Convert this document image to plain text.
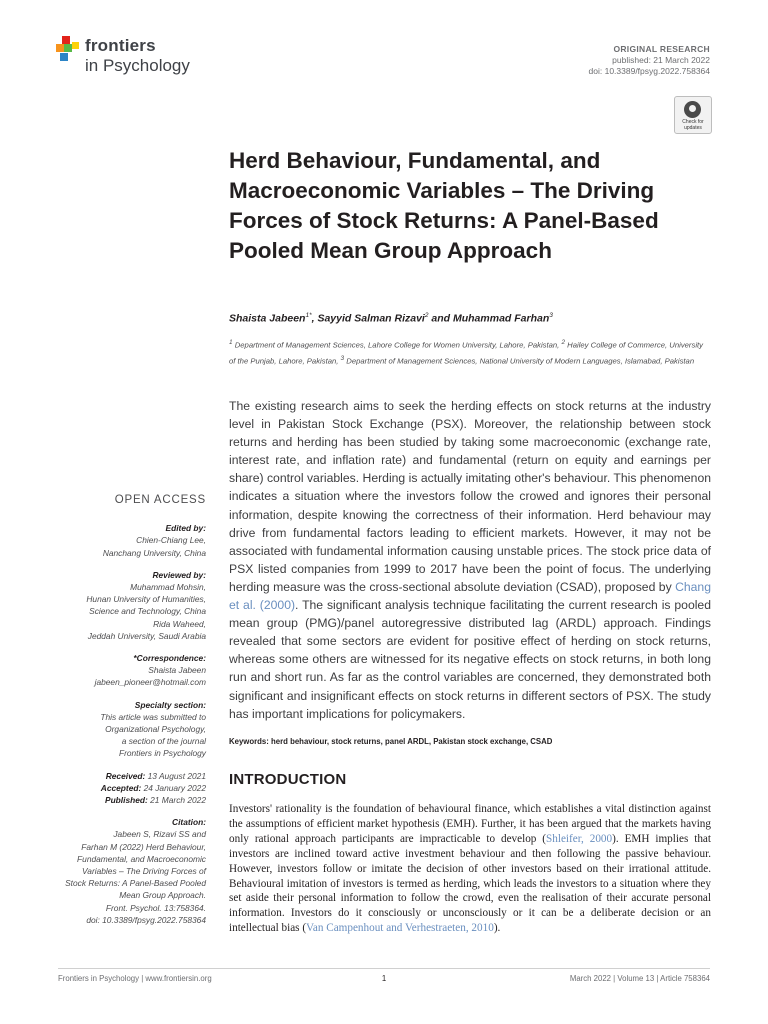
frontiers
in Psychology
ORIGINAL RESEARCH
published: 21 March 2022
doi: 10.3389/fpsyg.2022.758364
Check for updates
Herd Behaviour, Fundamental, and Macroeconomic Variables – The Driving Forces of Stock Returns: A Panel-Based Pooled Mean Group Approach
Shaista Jabeen$^{1*}$, Sayyid Salman Rizavi$^2$ and Muhammad Farhan$^3$
$^1$ Department of Management Sciences, Lahore College for Women University, Lahore, Pakistan, $^2$ Hailey College of Commerce, University of the Punjab, Lahore, Pakistan, $^3$ Department of Management Sciences, National University of Modern Languages, Islamabad, Pakistan
The existing research aims to seek the herding effects on stock returns at the industry level in Pakistan Stock Exchange (PSX). Moreover, the relationship between stock returns and herding has been studied by taking some macroeconomic (exchange rate, interest rate, and inflation rate) and fundamental (return on equity and earnings per share) control variables. Herding is actually imitating other's behaviour. This phenomenon indicates a situation where the investors follow the crowed and ignores their personal information, despite knowing the correctness of their information. Herd behaviour may drive from fundamental factors leading to efficient markets. However, it may not be associated with fundamental information causing unstable prices. The stock price data of PSX listed companies from 1999 to 2017 have been the point of focus. The underlying herding measure was the cross-sectional absolute deviation (CSAD), proposed by Chang et al. (2000). The significant analysis technique facilitating the current research is pooled mean group (PMG)/panel autoregressive distributed lag (ARDL) approach. Findings revealed that some sectors are evident for positive effect of herding on stock returns, whereas some others are witnessed for its negative effects on stock returns, in both long run and short run. As far as the control variables are concerned, they demonstrated both significant and insignificant effects on stock returns in different sectors of PSX. The study has important implications for policymakers.
Keywords: herd behaviour, stock returns, panel ARDL, Pakistan stock exchange, CSAD
INTRODUCTION
Investors' rationality is the foundation of behavioural finance, which establishes a vital distinction against the assumptions of efficient market hypothesis (EMH). Further, it has been argued that the markets having only rational approach participants are impracticable to develop (Shleifer, 2000). EMH implies that investors are inclined toward active investment behaviour and then following the passive behaviour. However, investors follow or imitate the decision of other investors based on their irrational attitude. Behavioural imitation of investors is termed as herding, which leads the investors to a situation where they set aside their personal information to follow the crowd, even the realisation of their accurate personal information. Investors do it consciously or unconsciously or it can be a deliberate decision or an intellectual bias (Van Campenhout and Verhestraeten, 2010).
OPEN ACCESS
Edited by:
Chien-Chiang Lee,
Nanchang University, China
Reviewed by:
Muhammad Mohsin,
Hunan University of Humanities,
Science and Technology, China
Rida Waheed,
Jeddah University, Saudi Arabia
*Correspondence:
Shaista Jabeen
jabeen_pioneer@hotmail.com
Specialty section:
This article was submitted to
Organizational Psychology,
a section of the journal
Frontiers in Psychology
Received: 13 August 2021
Accepted: 24 January 2022
Published: 21 March 2022
Citation:
Jabeen S, Rizavi SS and
Farhan M (2022) Herd Behaviour,
Fundamental, and Macroeconomic
Variables – The Driving Forces of
Stock Returns: A Panel-Based Pooled
Mean Group Approach.
Front. Psychol. 13:758364.
doi: 10.3389/fpsyg.2022.758364
Frontiers in Psychology | www.frontiersin.org	1	March 2022 | Volume 13 | Article 758364
